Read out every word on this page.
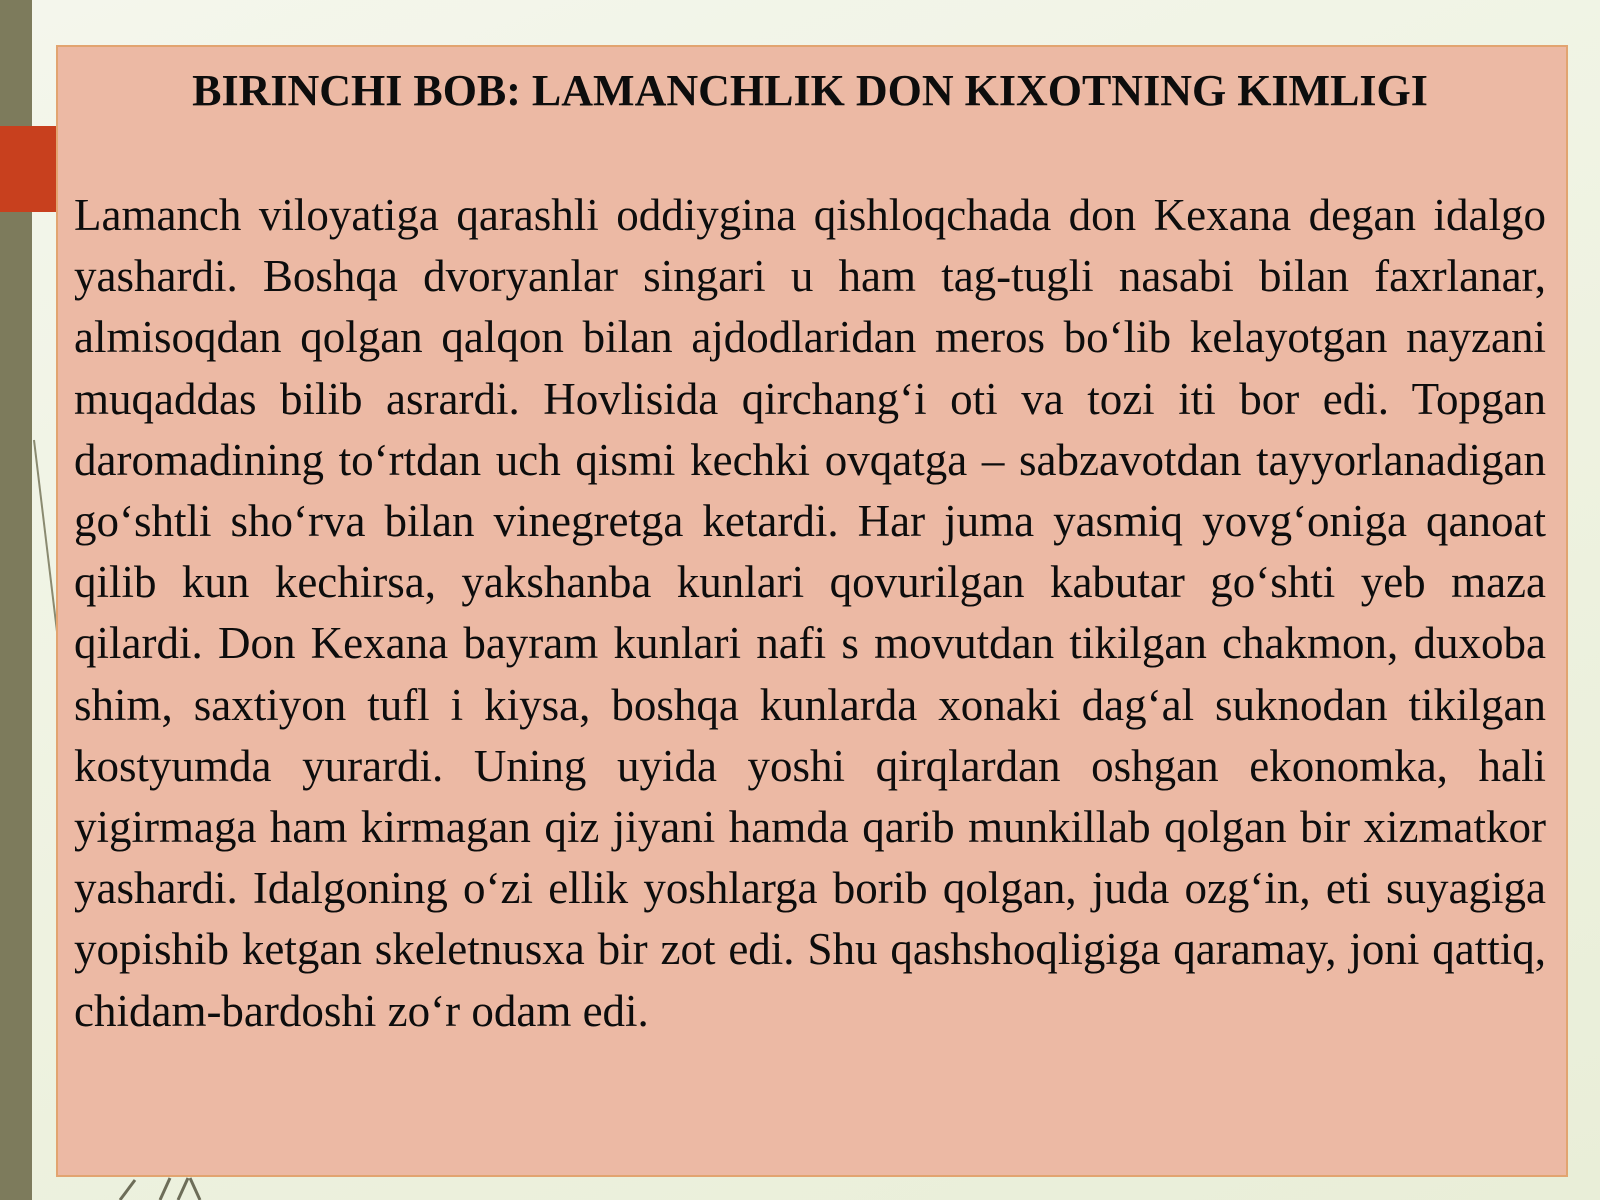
BIRINCHI BOB: LAMANCHLIK DON KIXOTNING KIMLIGI

Lamanch viloyatiga qarashli oddiygina qishloqchada don Kexana degan idalgo yashardi. Boshqa dvoryanlar singari u ham tag-tugli nasabi bilan faxrlanar, almisoqdan qolgan qalqon bilan ajdodlaridan meros bo‘lib kelayotgan nayzani muqaddas bilib asrardi. Hovlisida qirchang‘i oti va tozi iti bor edi. Topgan daromadining to‘rtdan uch qismi kechki ovqatga – sabzavotdan tayyorlanadigan go‘shtli sho‘rva bilan vinegretga ketardi. Har juma yasmiq yovg‘oniga qanoat qilib kun kechirsa, yakshanba kunlari qovurilgan kabutar go‘shti yeb maza qilardi. Don Kexana bayram kunlari nafi s movutdan tikilgan chakmon, duxoba shim, saxtiyon tufl i kiysa, boshqa kunlarda xonaki dag‘al suknodan tikilgan kostyumda yurardi. Uning uyida yoshi qirqlardan oshgan ekonomka, hali yigirmaga ham kirmagan qiz jiyani hamda qarib munkillab qolgan bir xizmatkor yashardi. Idalgoning o‘zi ellik yoshlarga borib qolgan, juda ozg‘in, eti suyagiga yopishib ketgan skeletnusxa bir zot edi. Shu qashshoqligiga qaramay, joni qattiq, chidam-bardoshi zo‘r odam edi.
